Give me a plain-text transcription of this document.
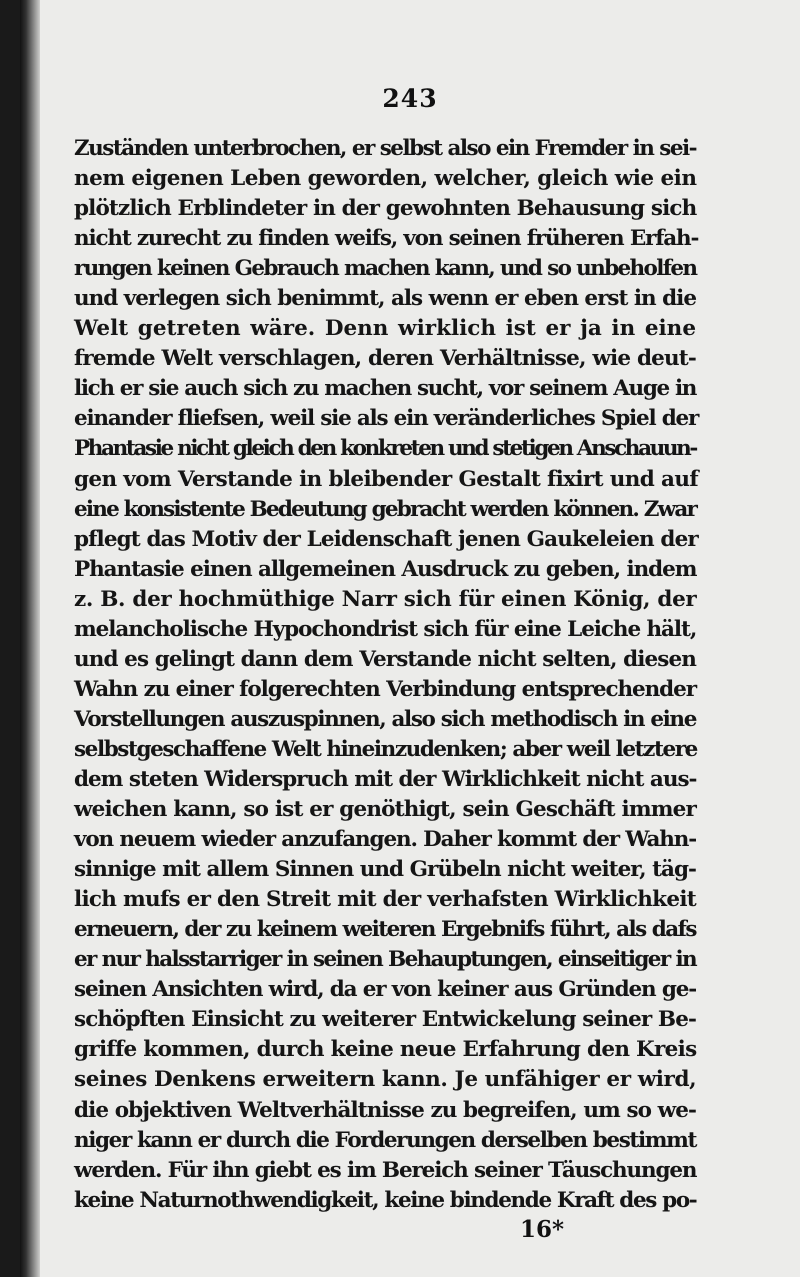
243
Zuständen unterbrochen, er selbst also ein Fremder in sei-
nem eigenen Leben geworden, welcher, gleich wie ein
plötzlich Erblindeter in der gewohnten Behausung sich
nicht zurecht zu finden weifs, von seinen früheren Erfah-
rungen keinen Gebrauch machen kann, und so unbeholfen
und verlegen sich benimmt, als wenn er eben erst in die
Welt getreten wäre. Denn wirklich ist er ja in eine
fremde Welt verschlagen, deren Verhältnisse, wie deut-
lich er sie auch sich zu machen sucht, vor seinem Auge in
einander fliefsen, weil sie als ein veränderliches Spiel der
Phantasie nicht gleich den konkreten und stetigen Anschauun-
gen vom Verstande in bleibender Gestalt fixirt und auf
eine konsistente Bedeutung gebracht werden können. Zwar
pflegt das Motiv der Leidenschaft jenen Gaukeleien der
Phantasie einen allgemeinen Ausdruck zu geben, indem
z. B. der hochmüthige Narr sich für einen König, der
melancholische Hypochondrist sich für eine Leiche hält,
und es gelingt dann dem Verstande nicht selten, diesen
Wahn zu einer folgerechten Verbindung entsprechender
Vorstellungen auszuspinnen, also sich methodisch in eine
selbstgeschaffene Welt hineinzudenken; aber weil letztere
dem steten Widerspruch mit der Wirklichkeit nicht aus-
weichen kann, so ist er genöthigt, sein Geschäft immer
von neuem wieder anzufangen. Daher kommt der Wahn-
sinnige mit allem Sinnen und Grübeln nicht weiter, täg-
lich mufs er den Streit mit der verhafsten Wirklichkeit
erneuern, der zu keinem weiteren Ergebnifs führt, als dafs
er nur halsstarriger in seinen Behauptungen, einseitiger in
seinen Ansichten wird, da er von keiner aus Gründen ge-
schöpften Einsicht zu weiterer Entwickelung seiner Be-
griffe kommen, durch keine neue Erfahrung den Kreis
seines Denkens erweitern kann. Je unfähiger er wird,
die objektiven Weltverhältnisse zu begreifen, um so we-
niger kann er durch die Forderungen derselben bestimmt
werden. Für ihn giebt es im Bereich seiner Täuschungen
keine Naturnothwendigkeit, keine bindende Kraft des po-
16*
